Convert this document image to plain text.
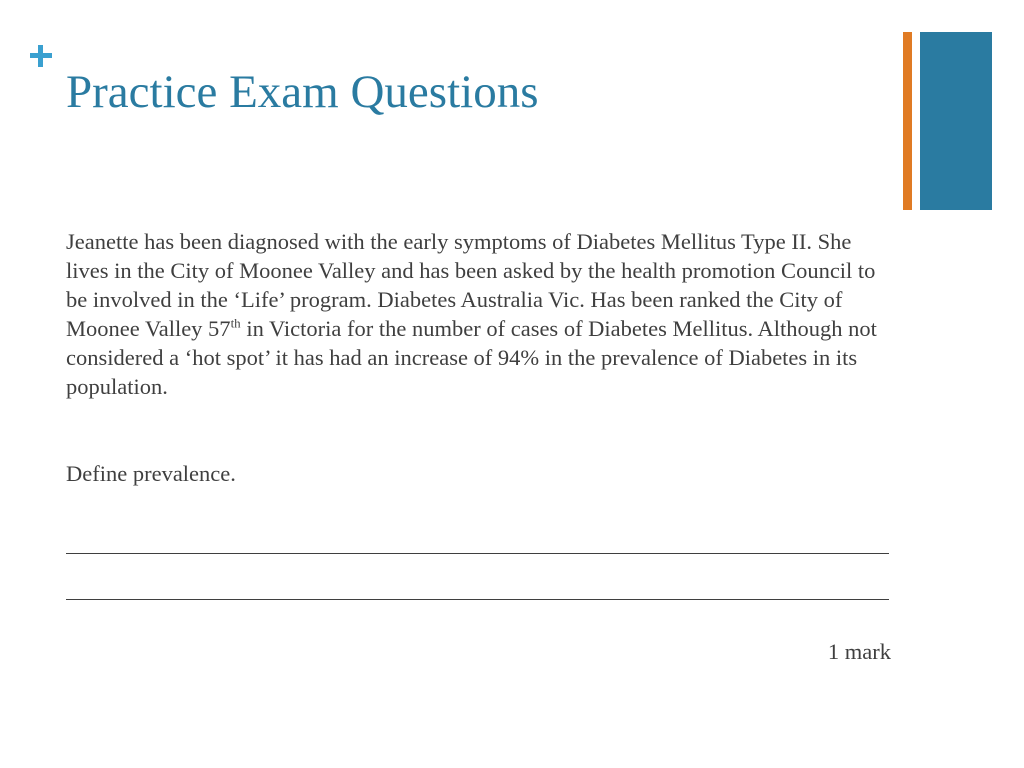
Practice Exam Questions

Jeanette has been diagnosed with the early symptoms of Diabetes Mellitus Type II. She lives in the City of Moonee Valley and has been asked by the health promotion Council to be involved in the ‘Life’ program. Diabetes Australia Vic. Has been ranked the City of Moonee Valley 57th in Victoria for the number of cases of Diabetes Mellitus. Although not considered a ‘hot spot’ it has had an increase of 94% in the prevalence of Diabetes in its population.

Define prevalence.

1 mark
